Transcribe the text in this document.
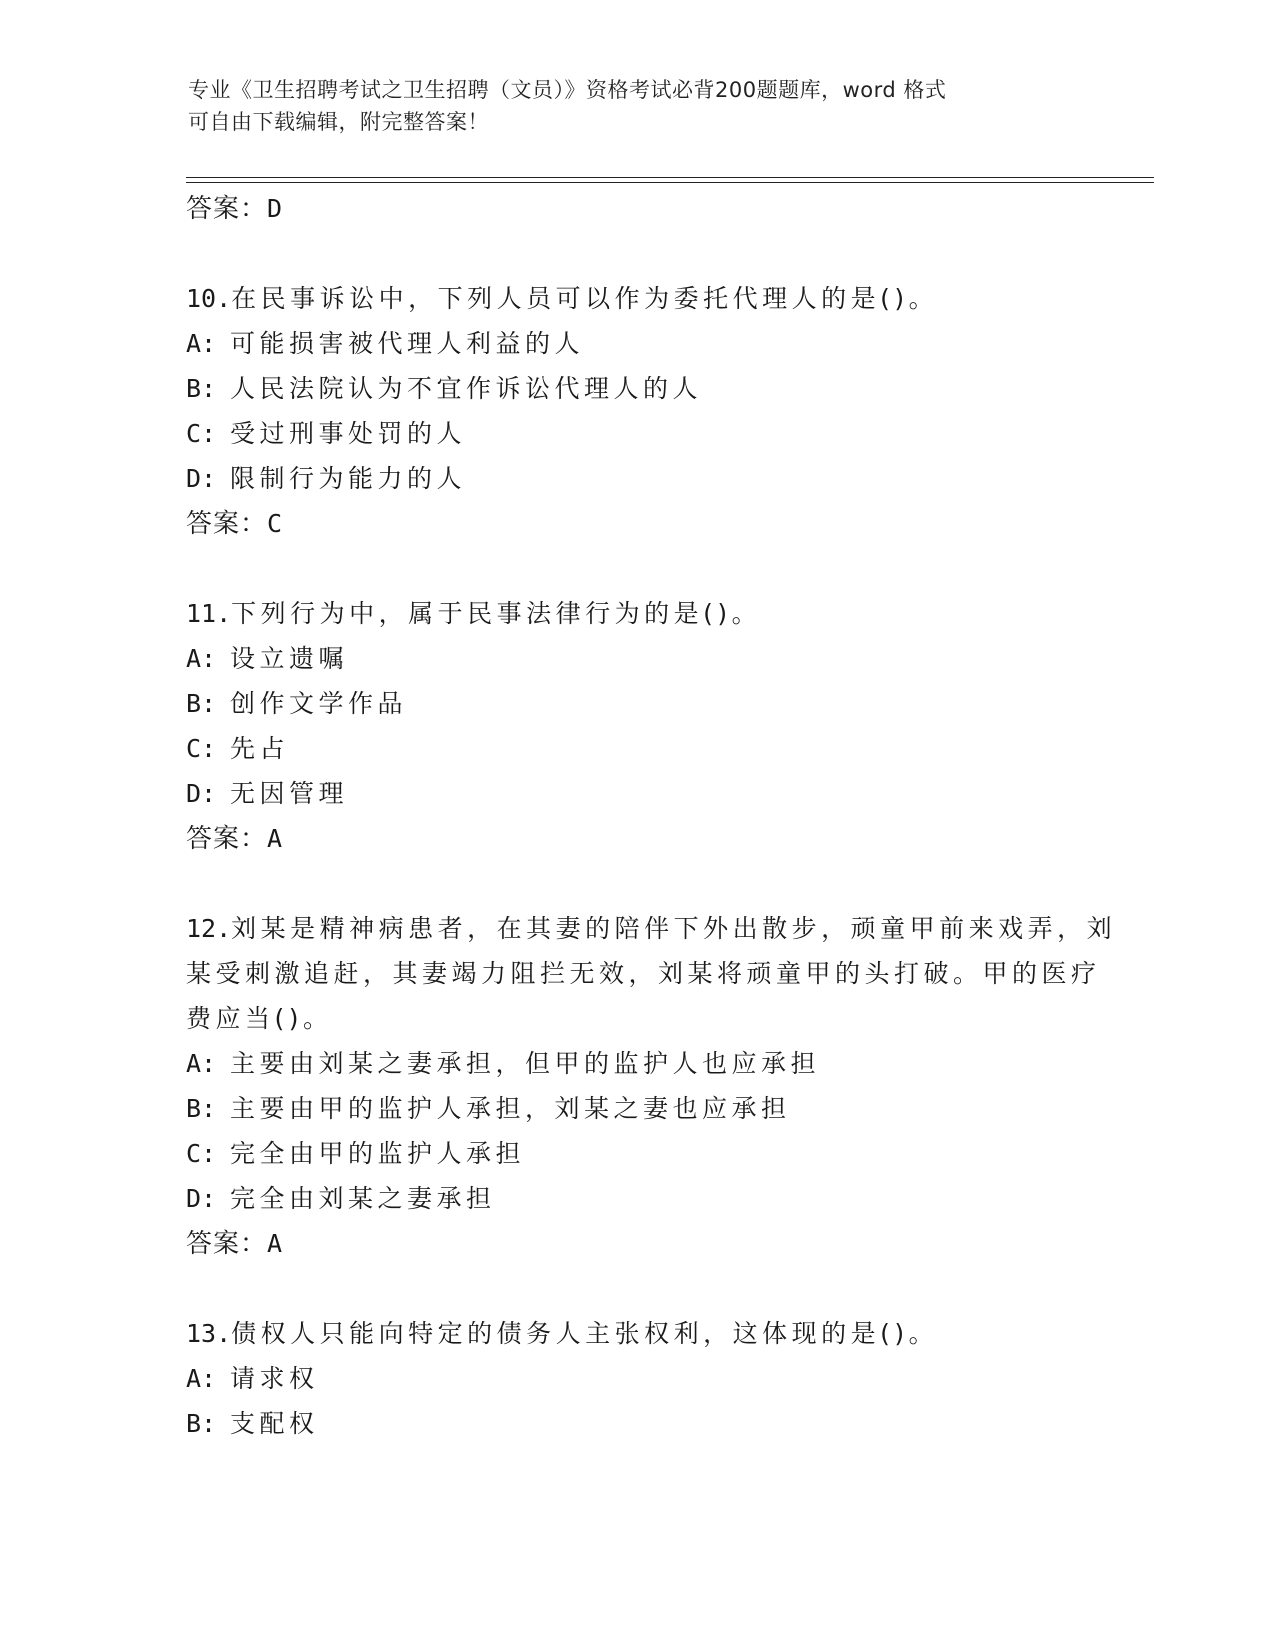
专业《卫生招聘考试之卫生招聘（文员）》资格考试必背200题题库，word 格式
可自由下载编辑，附完整答案！
答案：D
10.在民事诉讼中，下列人员可以作为委托代理人的是()。
A: 可能损害被代理人利益的人
B: 人民法院认为不宜作诉讼代理人的人
C: 受过刑事处罚的人
D: 限制行为能力的人
答案：C
11.下列行为中，属于民事法律行为的是()。
A: 设立遗嘱
B: 创作文学作品
C: 先占
D: 无因管理
答案：A
12.刘某是精神病患者，在其妻的陪伴下外出散步，顽童甲前来戏弄，刘某受刺激追赶，其妻竭力阻拦无效，刘某将顽童甲的头打破。甲的医疗费应当()。
A: 主要由刘某之妻承担，但甲的监护人也应承担
B: 主要由甲的监护人承担，刘某之妻也应承担
C: 完全由甲的监护人承担
D: 完全由刘某之妻承担
答案：A
13.债权人只能向特定的债务人主张权利，这体现的是()。
A: 请求权
B: 支配权
